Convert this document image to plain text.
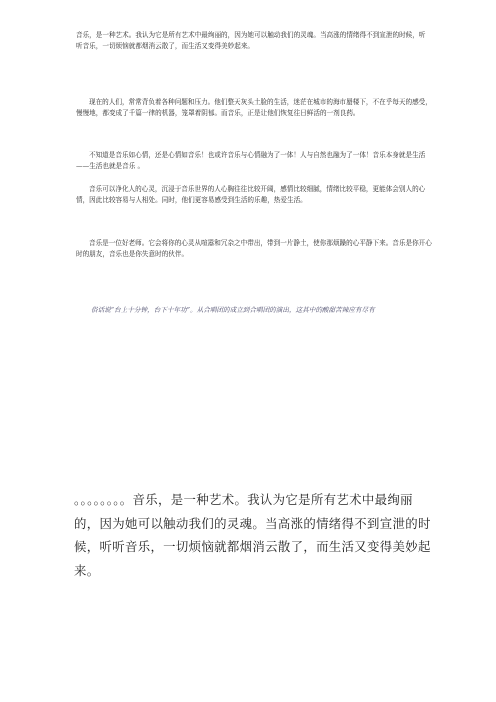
音乐，是一种艺术。我认为它是所有艺术中最绚丽的，因为她可以触动我们的灵魂。当高涨的情绪得不到宣泄的时候，听听音乐，一切烦恼就都烟消云散了，而生活又变得美妙起来。

现在的人们，常常背负着各种问题和压力。他们整天灰头土脸的生活，迷茫在城市的海市蜃楼下，不在乎每天的感受，慢慢地，都变成了千篇一律的机器，笼罩着阴郁。而音乐，正是让他们恢复往日鲜活的一剂良药。

不知道是音乐如心情，还是心情如音乐！也或许音乐与心情融为了一体！人与自然也融为了一体！音乐本身就是生活——生活也就是音乐 。

音乐可以净化人的心灵，沉浸于音乐世界的人心胸往往比较开阔，感情比较细腻，情绪比较平稳，更能体会别人的心情，因此比较容易与人相处。同时，他们更容易感受到生活的乐趣，热爱生活。

音乐是一位好老师。它会将你的心灵从喧嚣和冗杂之中带出，带到一片静土，使你那烦躁的心平静下来。音乐是你开心时的朋友，音乐也是你失意时的伙伴。

俗话说“台上十分钟，台下十年功”。从合唱团的成立到合唱团的演出，这其中的酸甜苦辣应有尽有

。。。。。。。。音乐，是一种艺术。我认为它是所有艺术中最绚丽的，因为她可以触动我们的灵魂。当高涨的情绪得不到宣泄的时候，听听音乐，一切烦恼就都烟消云散了，而生活又变得美妙起来。
